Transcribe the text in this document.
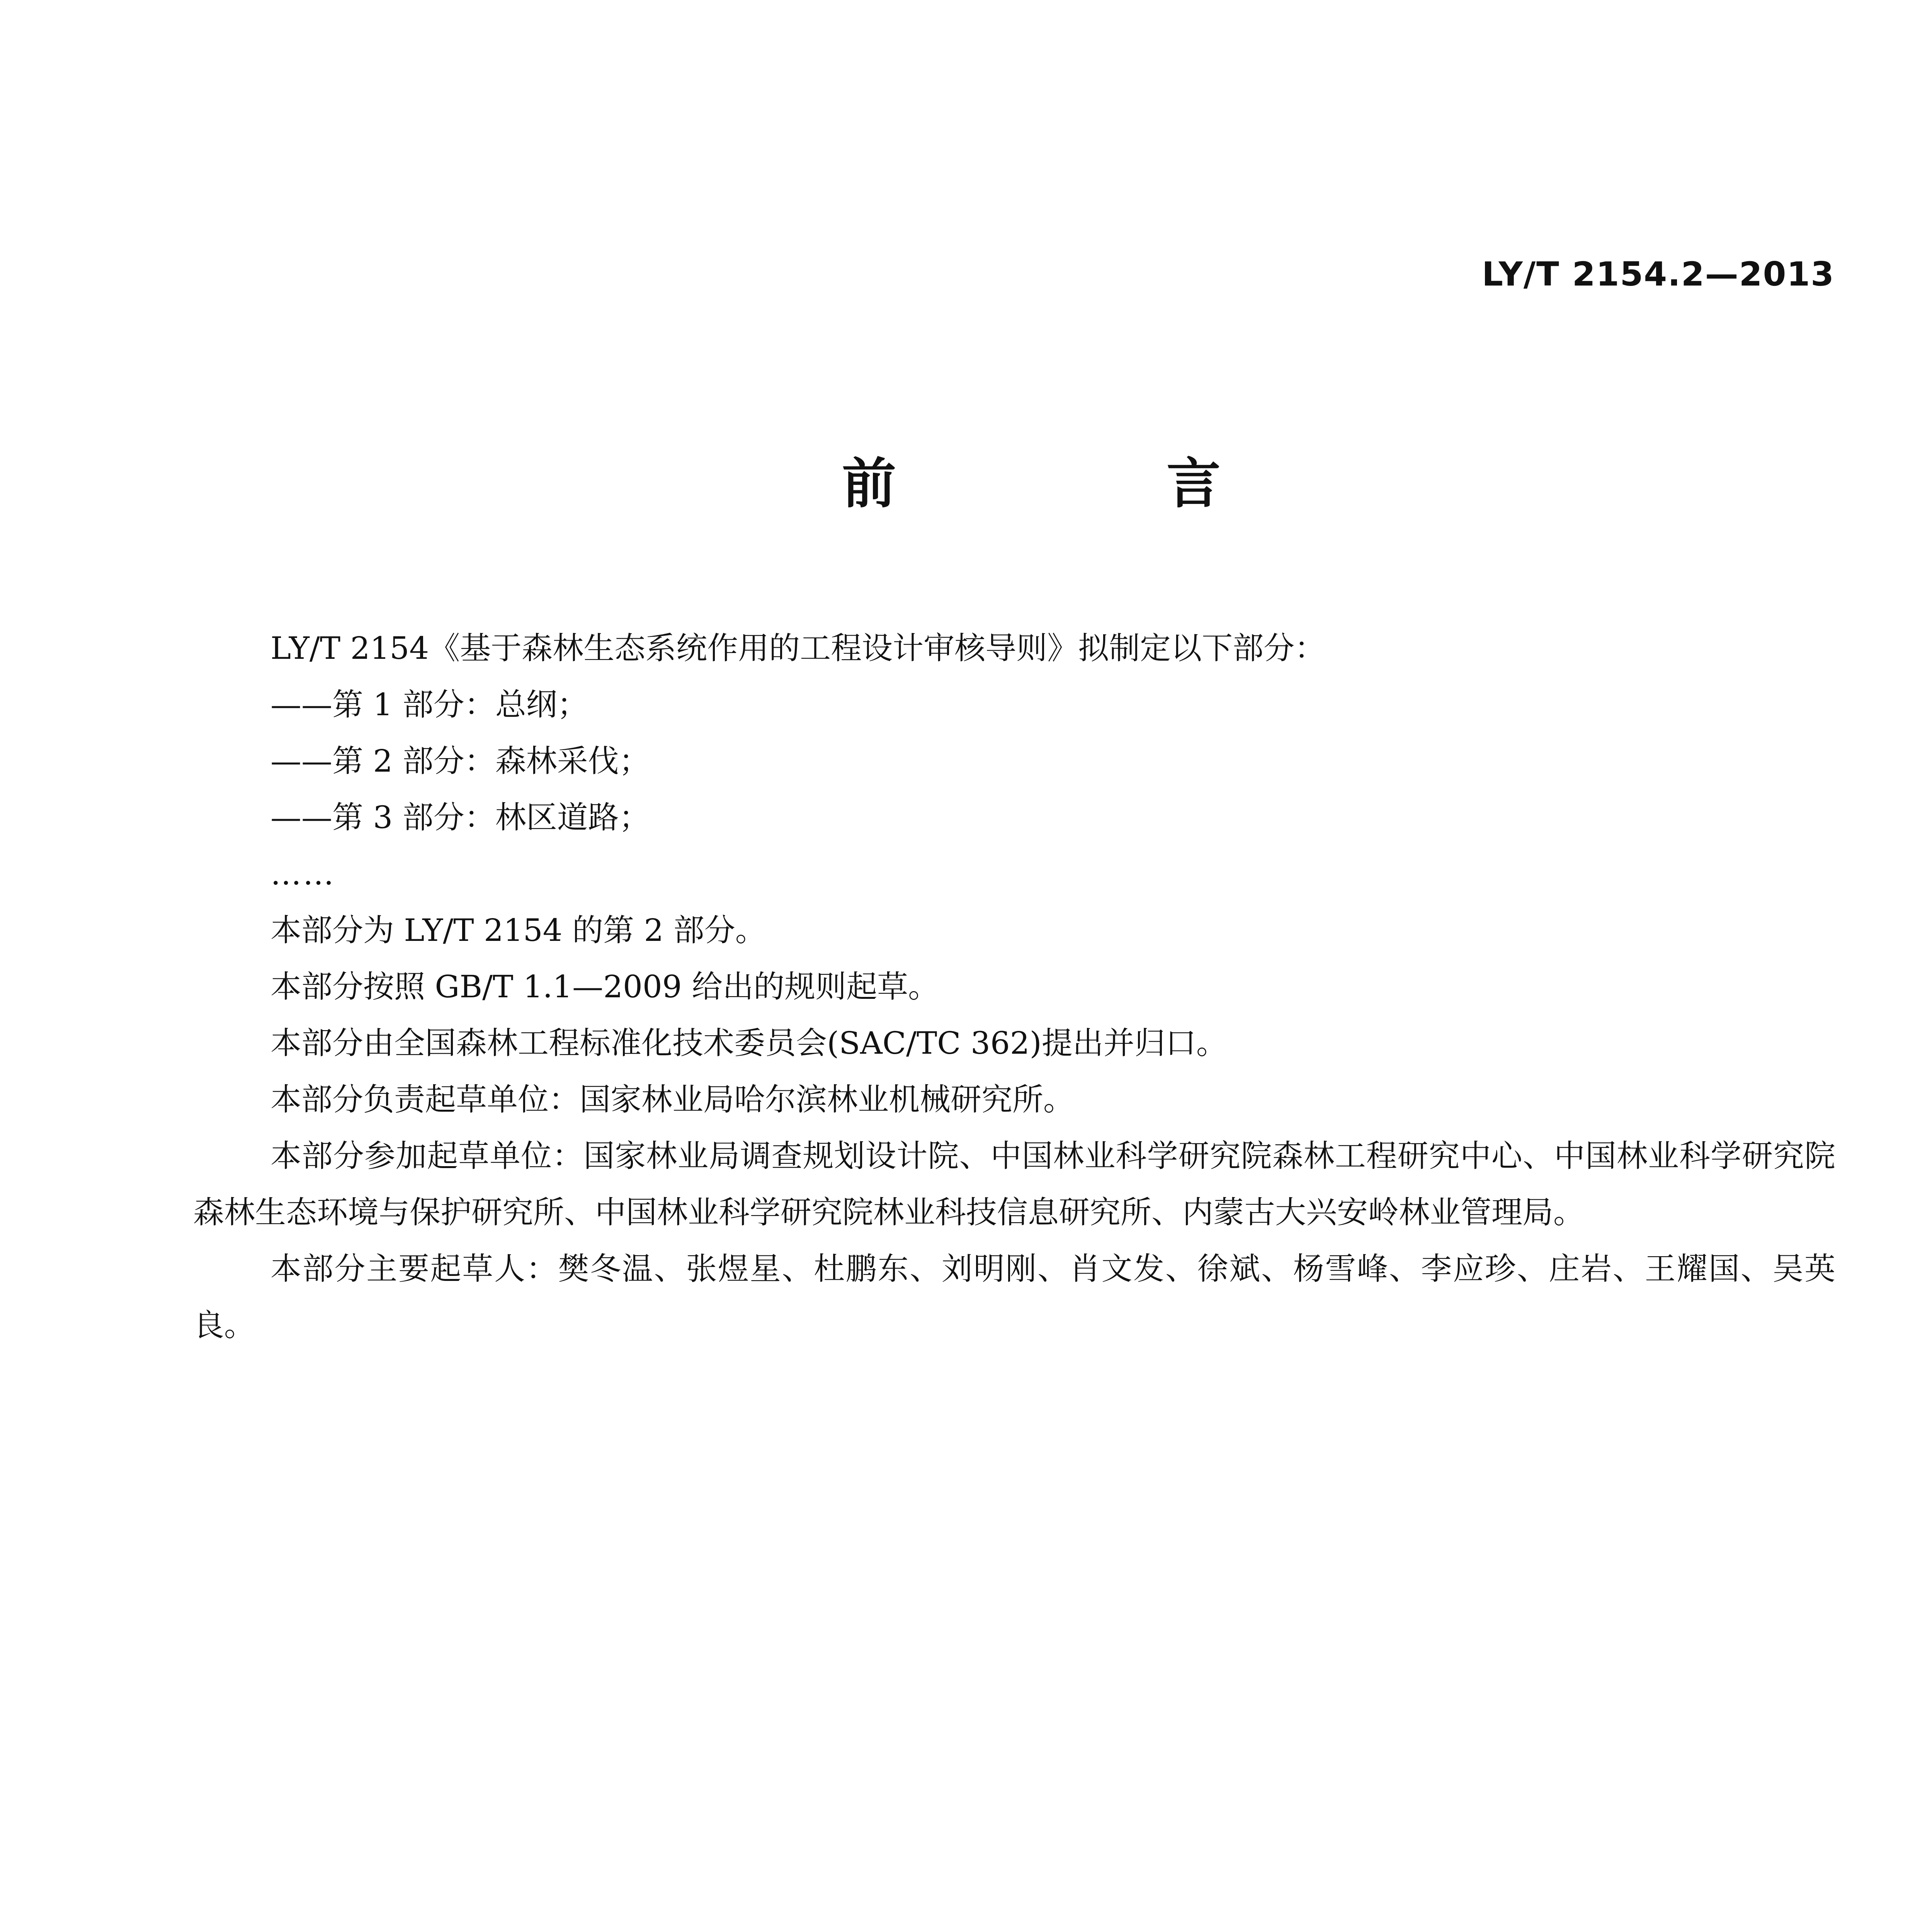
LY/T 2154.2—2013
前　言

LY/T 2154《基于森林生态系统作用的工程设计审核导则》拟制定以下部分：

——第 1 部分：总纲；

——第 2 部分：森林采伐；

——第 3 部分：林区道路；

……

本部分为 LY/T 2154 的第 2 部分。

本部分按照 GB/T 1.1—2009 给出的规则起草。

本部分由全国森林工程标准化技术委员会(SAC/TC 362)提出并归口。

本部分负责起草单位：国家林业局哈尔滨林业机械研究所。

本部分参加起草单位：国家林业局调查规划设计院、中国林业科学研究院森林工程研究中心、中国林业科学研究院森林生态环境与保护研究所、中国林业科学研究院林业科技信息研究所、内蒙古大兴安岭林业管理局。

本部分主要起草人：樊冬温、张煜星、杜鹏东、刘明刚、肖文发、徐斌、杨雪峰、李应珍、庄岩、王耀国、吴英良。
